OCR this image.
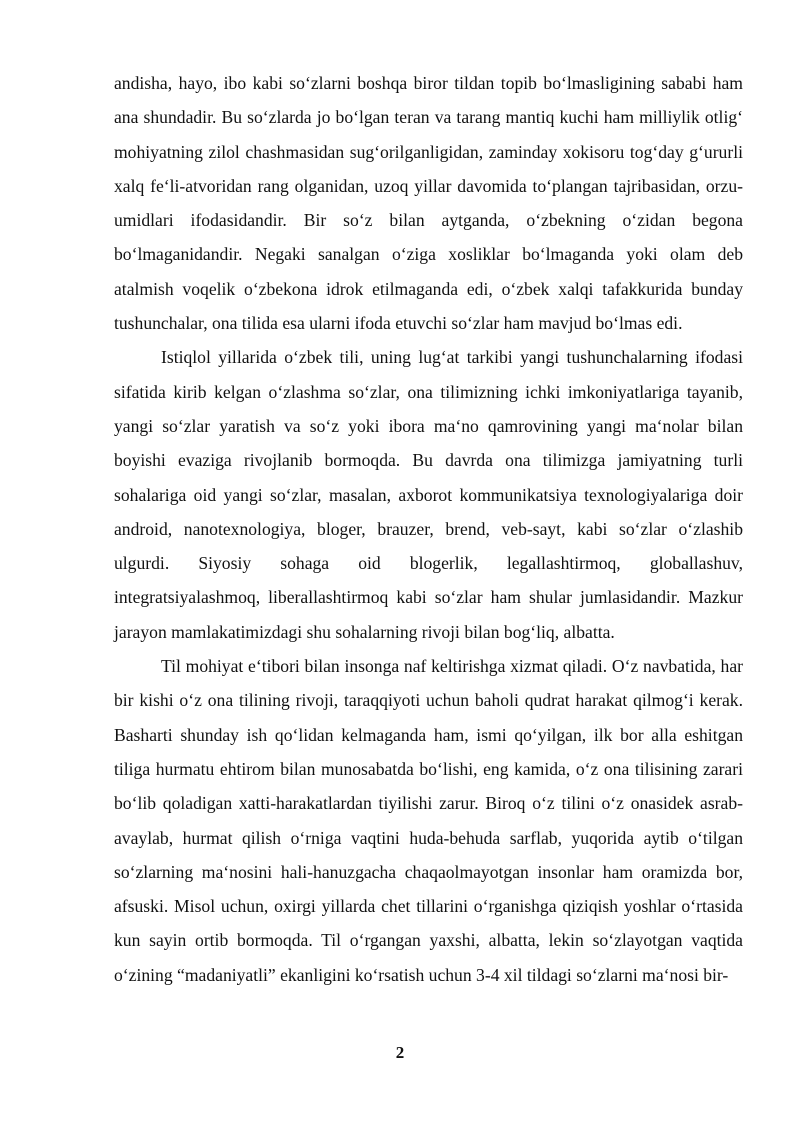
andisha, hayo, ibo kabi so‘zlarni boshqa biror tildan topib bo‘lmasligining sababi ham ana shundadir. Bu so‘zlarda jo bo‘lgan teran va tarang mantiq kuchi ham milliylik otlig‘ mohiyatning zilol chashmasidan sug‘orilganligidan, zaminday xokisoru tog‘day g‘ururli xalq fe‘li-atvoridan rang olganidan, uzoq yillar davomida to‘plangan tajribasidan, orzu-umidlari ifodasidandir. Bir so‘z bilan aytganda, o‘zbekning o‘zidan begona bo‘lmaganidandir. Negaki sanalgan o‘ziga xosliklar bo‘lmaganda yoki olam deb atalmish voqelik o‘zbekona idrok etilmaganda edi, o‘zbek xalqi tafakkurida bunday tushunchalar, ona tilida esa ularni ifoda etuvchi so‘zlar ham mavjud bo‘lmas edi.

Istiqlol yillarida o‘zbek tili, uning lug‘at tarkibi yangi tushunchalarning ifodasi sifatida kirib kelgan o‘zlashma so‘zlar, ona tilimizning ichki imkoniyatlariga tayanib, yangi so‘zlar yaratish va so‘z yoki ibora ma‘no qamrovining yangi ma‘nolar bilan boyishi evaziga rivojlanib bormoqda. Bu davrda ona tilimizga jamiyatning turli sohalariga oid yangi so‘zlar, masalan, axborot kommunikatsiya texnologiyalariga doir android, nanotexnologiya, bloger, brauzer, brend, veb-sayt, kabi so‘zlar o‘zlashib ulgurdi. Siyosiy sohaga oid blogerlik, legallashtirmoq, globallashuv, integratsiyalashmoq, liberallashtirmoq kabi so‘zlar ham shular jumlasidandir. Mazkur jarayon mamlakatimizdagi shu sohalarning rivoji bilan bog‘liq, albatta.

Til mohiyat e‘tibori bilan insonga naf keltirishga xizmat qiladi. O‘z navbatida, har bir kishi o‘z ona tilining rivoji, taraqqiyoti uchun baholi qudrat harakat qilmog‘i kerak. Basharti shunday ish qo‘lidan kelmaganda ham, ismi qo‘yilgan, ilk bor alla eshitgan tiliga hurmatu ehtirom bilan munosabatda bo‘lishi, eng kamida, o‘z ona tilisining zarari bo‘lib qoladigan xatti-harakatlardan tiyilishi zarur. Biroq o‘z tilini o‘z onasidek asrab-avaylab, hurmat qilish o‘rniga vaqtini huda-behuda sarflab, yuqorida aytib o‘tilgan so‘zlarning ma‘nosini hali-hanuzgacha chaqaolmayotgan insonlar ham oramizda bor, afsuski. Misol uchun, oxirgi yillarda chet tillarini o‘rganishga qiziqish yoshlar o‘rtasida kun sayin ortib bormoqda. Til o‘rgangan yaxshi, albatta, lekin so‘zlayotgan vaqtida o‘zining “madaniyatli” ekanligini ko‘rsatish uchun 3-4 xil tildagi so‘zlarni ma‘nosi bir-

2
